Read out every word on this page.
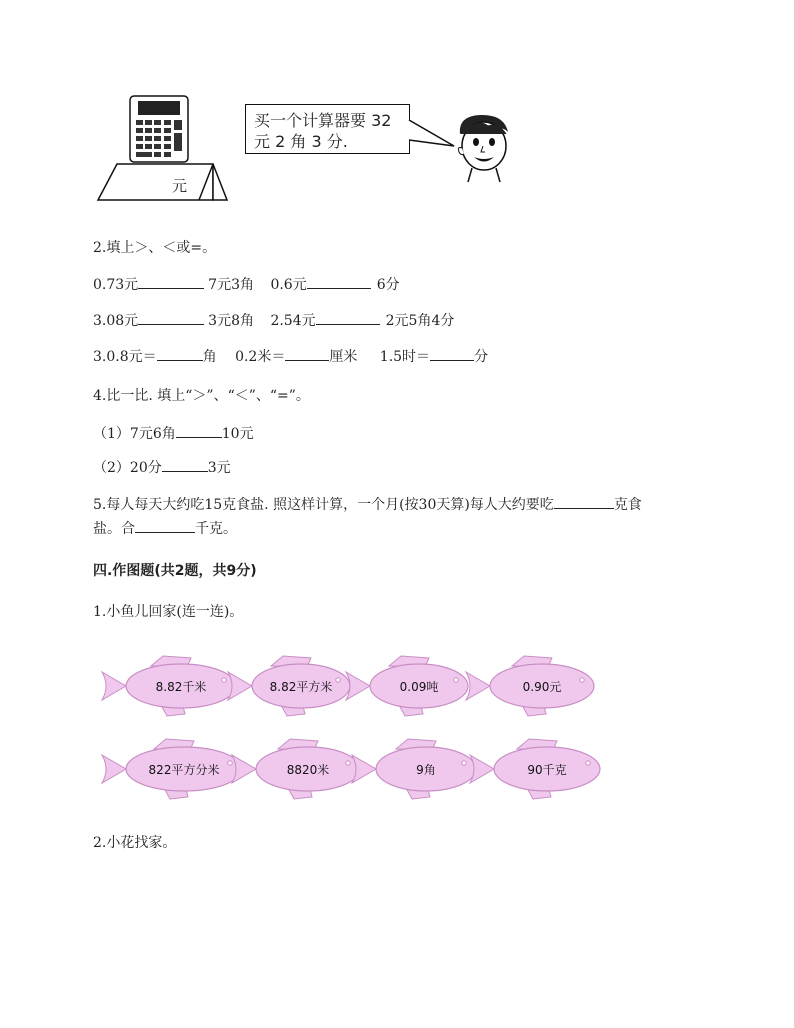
元
买一个计算器要 32
元 2 角 3 分.
2.填上＞、＜或=。
0.73元	7元3角 0.6元	6分
3.08元	3元8角 2.54元	2元5角4分
3.0.8元＝	角 0.2米＝	厘米 1.5时＝	分
4.比一比. 填上“＞”、“＜”、“=”。
（1）7元6角	10元
（2）20分	3元
5.每人每天大约吃15克食盐. 照这样计算，一个月(按30天算)每人大约要吃	克食
盐。合	千克。
四.作图题(共2题，共9分)
1.小鱼儿回家(连一连)。
8.82千米	8.82平方米	0.09吨	0.90元
822平方分米	8820米	9角	90千克
2.小花找家。
